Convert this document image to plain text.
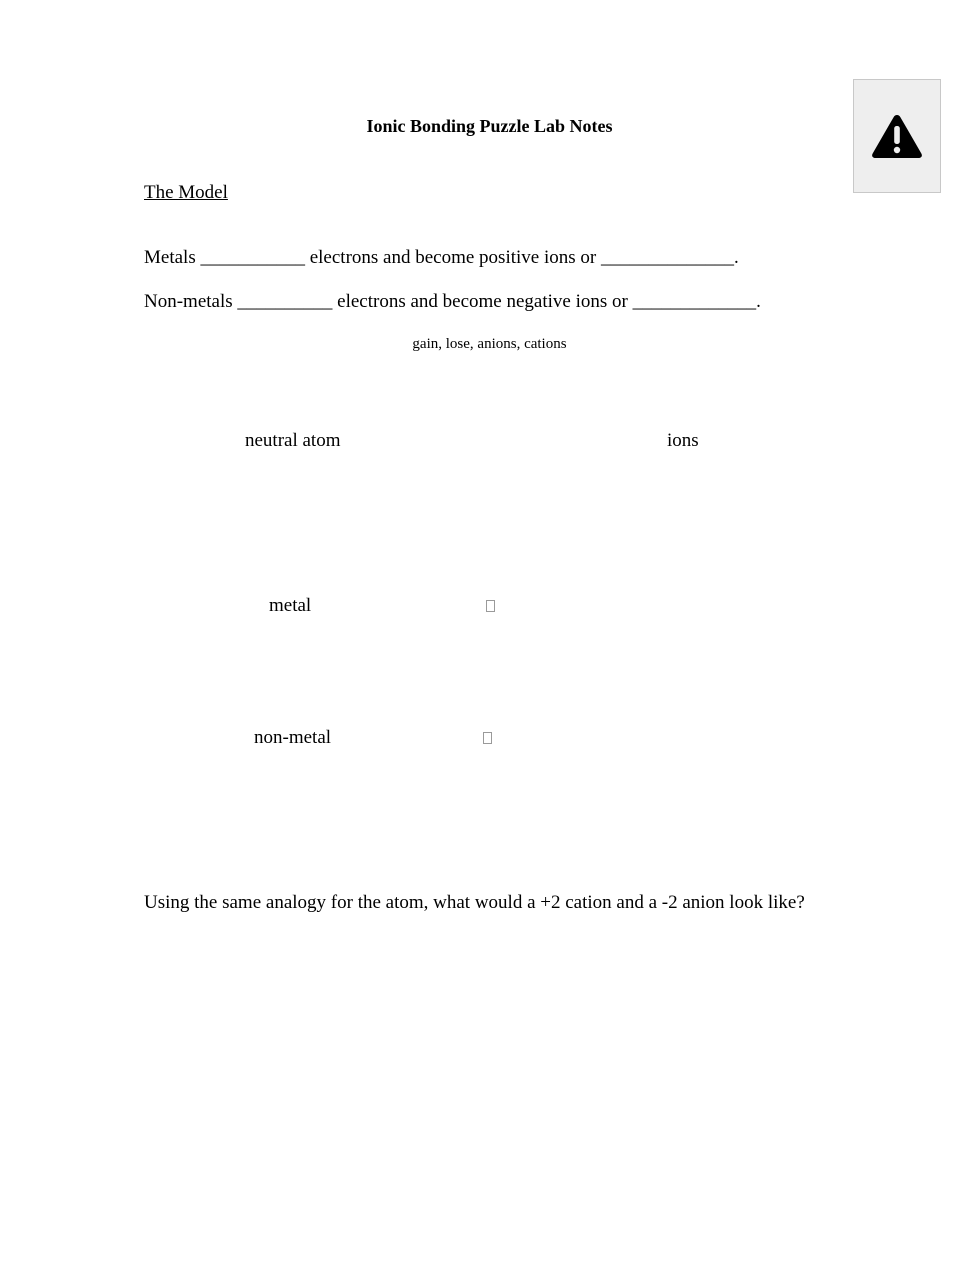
Ionic Bonding Puzzle Lab Notes
The Model
Metals ___________ electrons and become positive ions or ______________.
Non-metals __________ electrons and become negative ions or _____________.
gain, lose, anions, cations
neutral atom	ions
metal
non-metal
Using the same analogy for the atom, what would a +2 cation and a -2 anion look like?
